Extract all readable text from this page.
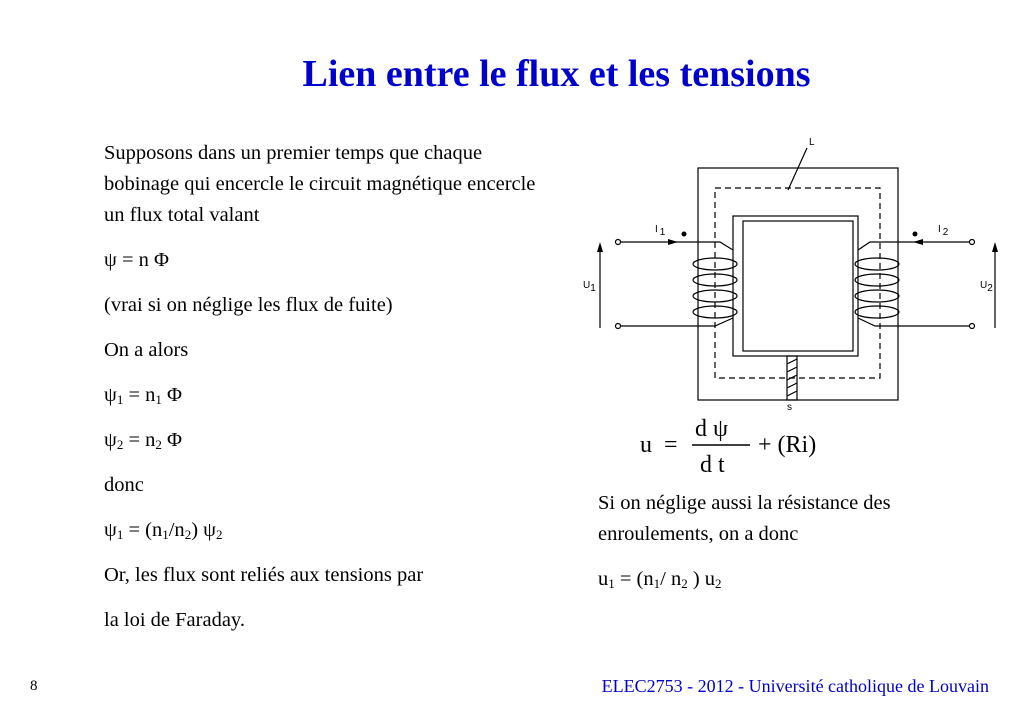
Lien entre le flux et les tensions

Supposons dans un premier temps que chaque bobinage qui encercle le circuit magnétique encercle un flux total valant

ψ = n Φ

(vrai si on néglige les flux de fuite)

On a alors

$\psi_1 = n_1$ Φ

$\psi_2 = n_2$ Φ

donc

$\psi_1 = (n_1/n_2)$ $\psi_2$

Or, les flux sont reliés aux tensions par

la loi de Faraday.

L
I 1	I 2
U1	U2
s
u =
d ψ
d t
+ (Ri)

Si on néglige aussi la résistance des enroulements, on a donc

$u_1 = (n_1/$ $n_2$ ) $u_2$

8	ELEC2753 - 2012 - Université catholique de Louvain
